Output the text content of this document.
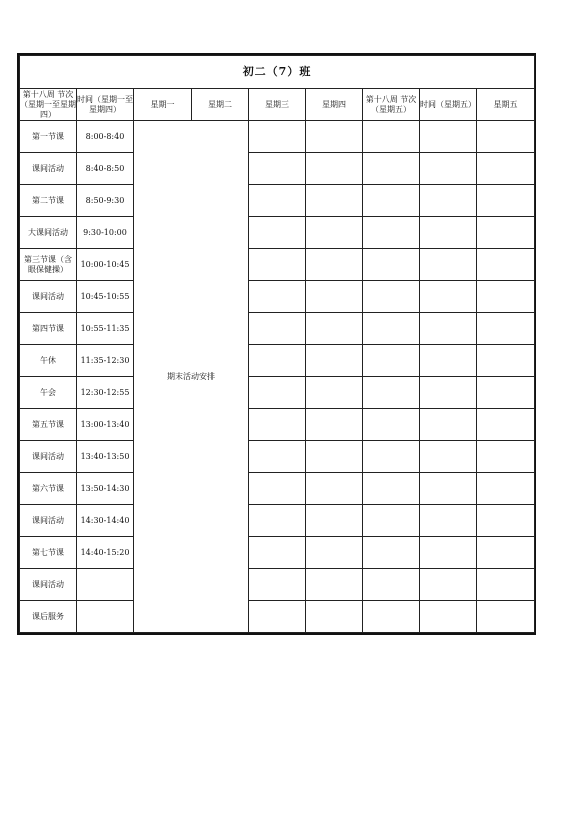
初二（7）班								
第十八周 节次（星期一至星期四）	时间（星期一至星期四）	星期一	星期二	星期三	星期四	第十八周 节次（星期五）	时间（星期五）	星期五
第一节课	8:00-8:40	期末活动安排						
课间活动	8:40-8:50							
第二节课	8:50-9:30							
大课间活动	9:30-10:00							
第三节课（含眼保健操）	10:00-10:45							
课间活动	10:45-10:55							
第四节课	10:55-11:35							
午休	11:35-12:30							
午会	12:30-12:55							
第五节课	13:00-13:40							
课间活动	13:40-13:50							
第六节课	13:50-14:30							
课间活动	14:30-14:40							
第七节课	14:40-15:20							
课间活动								
课后服务								
